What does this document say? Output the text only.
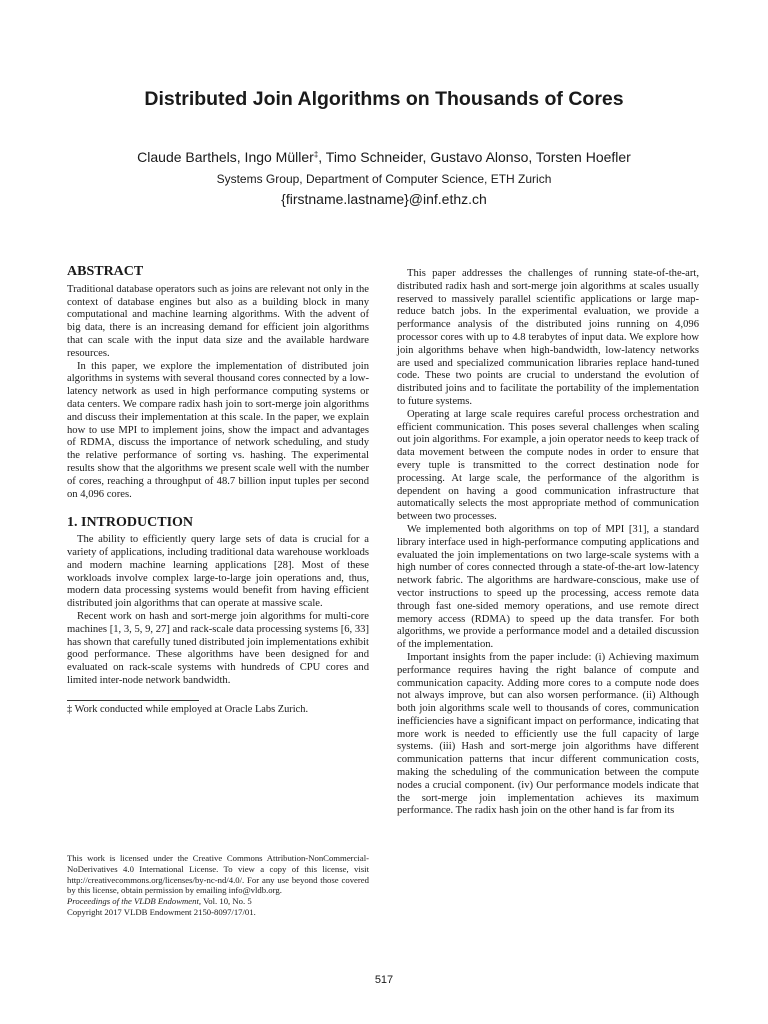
Distributed Join Algorithms on Thousands of Cores
Claude Barthels, Ingo Müller‡, Timo Schneider, Gustavo Alonso, Torsten Hoefler
Systems Group, Department of Computer Science, ETH Zurich
{firstname.lastname}@inf.ethz.ch
ABSTRACT

Traditional database operators such as joins are relevant not only in the context of database engines but also as a building block in many computational and machine learning algorithms. With the advent of big data, there is an increasing demand for efficient join algorithms that can scale with the input data size and the available hardware resources.

In this paper, we explore the implementation of distributed join algorithms in systems with several thousand cores connected by a low-latency network as used in high performance computing systems or data centers. We compare radix hash join to sort-merge join algorithms and discuss their implementation at this scale. In the paper, we explain how to use MPI to implement joins, show the impact and advantages of RDMA, discuss the importance of network scheduling, and study the relative performance of sorting vs. hashing. The experimental results show that the algorithms we present scale well with the number of cores, reaching a throughput of 48.7 billion input tuples per second on 4,096 cores.

1. INTRODUCTION

The ability to efficiently query large sets of data is crucial for a variety of applications, including traditional data warehouse workloads and modern machine learning applications [28]. Most of these workloads involve complex large-to-large join operations and, thus, modern data processing systems would benefit from having efficient distributed join algorithms that can operate at massive scale.

Recent work on hash and sort-merge join algorithms for multi-core machines [1, 3, 5, 9, 27] and rack-scale data processing systems [6, 33] has shown that carefully tuned distributed join implementations exhibit good performance. These algorithms have been designed for and evaluated on rack-scale systems with hundreds of CPU cores and limited inter-node network bandwidth.

‡ Work conducted while employed at Oracle Labs Zurich.

This work is licensed under the Creative Commons Attribution-NonCommercial-NoDerivatives 4.0 International License. To view a copy of this license, visit http://creativecommons.org/licenses/by-nc-nd/4.0/. For any use beyond those covered by this license, obtain permission by emailing info@vldb.org.

Proceedings of the VLDB Endowment, Vol. 10, No. 5

Copyright 2017 VLDB Endowment 2150-8097/17/01.

This paper addresses the challenges of running state-of-the-art, distributed radix hash and sort-merge join algorithms at scales usually reserved to massively parallel scientific applications or large map-reduce batch jobs. In the experimental evaluation, we provide a performance analysis of the distributed joins running on 4,096 processor cores with up to 4.8 terabytes of input data. We explore how join algorithms behave when high-bandwidth, low-latency networks are used and specialized communication libraries replace hand-tuned code. These two points are crucial to understand the evolution of distributed joins and to facilitate the portability of the implementation to future systems.

Operating at large scale requires careful process orchestration and efficient communication. This poses several challenges when scaling out join algorithms. For example, a join operator needs to keep track of data movement between the compute nodes in order to ensure that every tuple is transmitted to the correct destination node for processing. At large scale, the performance of the algorithm is dependent on having a good communication infrastructure that automatically selects the most appropriate method of communication between two processes.

We implemented both algorithms on top of MPI [31], a standard library interface used in high-performance computing applications and evaluated the join implementations on two large-scale systems with a high number of cores connected through a state-of-the-art low-latency network fabric. The algorithms are hardware-conscious, make use of vector instructions to speed up the processing, access remote data through fast one-sided memory operations, and use remote direct memory access (RDMA) to speed up the data transfer. For both algorithms, we provide a performance model and a detailed discussion of the implementation.

Important insights from the paper include: (i) Achieving maximum performance requires having the right balance of compute and communication capacity. Adding more cores to a compute node does not always improve, but can also worsen performance. (ii) Although both join algorithms scale well to thousands of cores, communication inefficiencies have a significant impact on performance, indicating that more work is needed to efficiently use the full capacity of large systems. (iii) Hash and sort-merge join algorithms have different communication patterns that incur different communication costs, making the scheduling of the communication between the compute nodes a crucial component. (iv) Our performance models indicate that the sort-merge join implementation achieves its maximum performance. The radix hash join on the other hand is far from its

517
